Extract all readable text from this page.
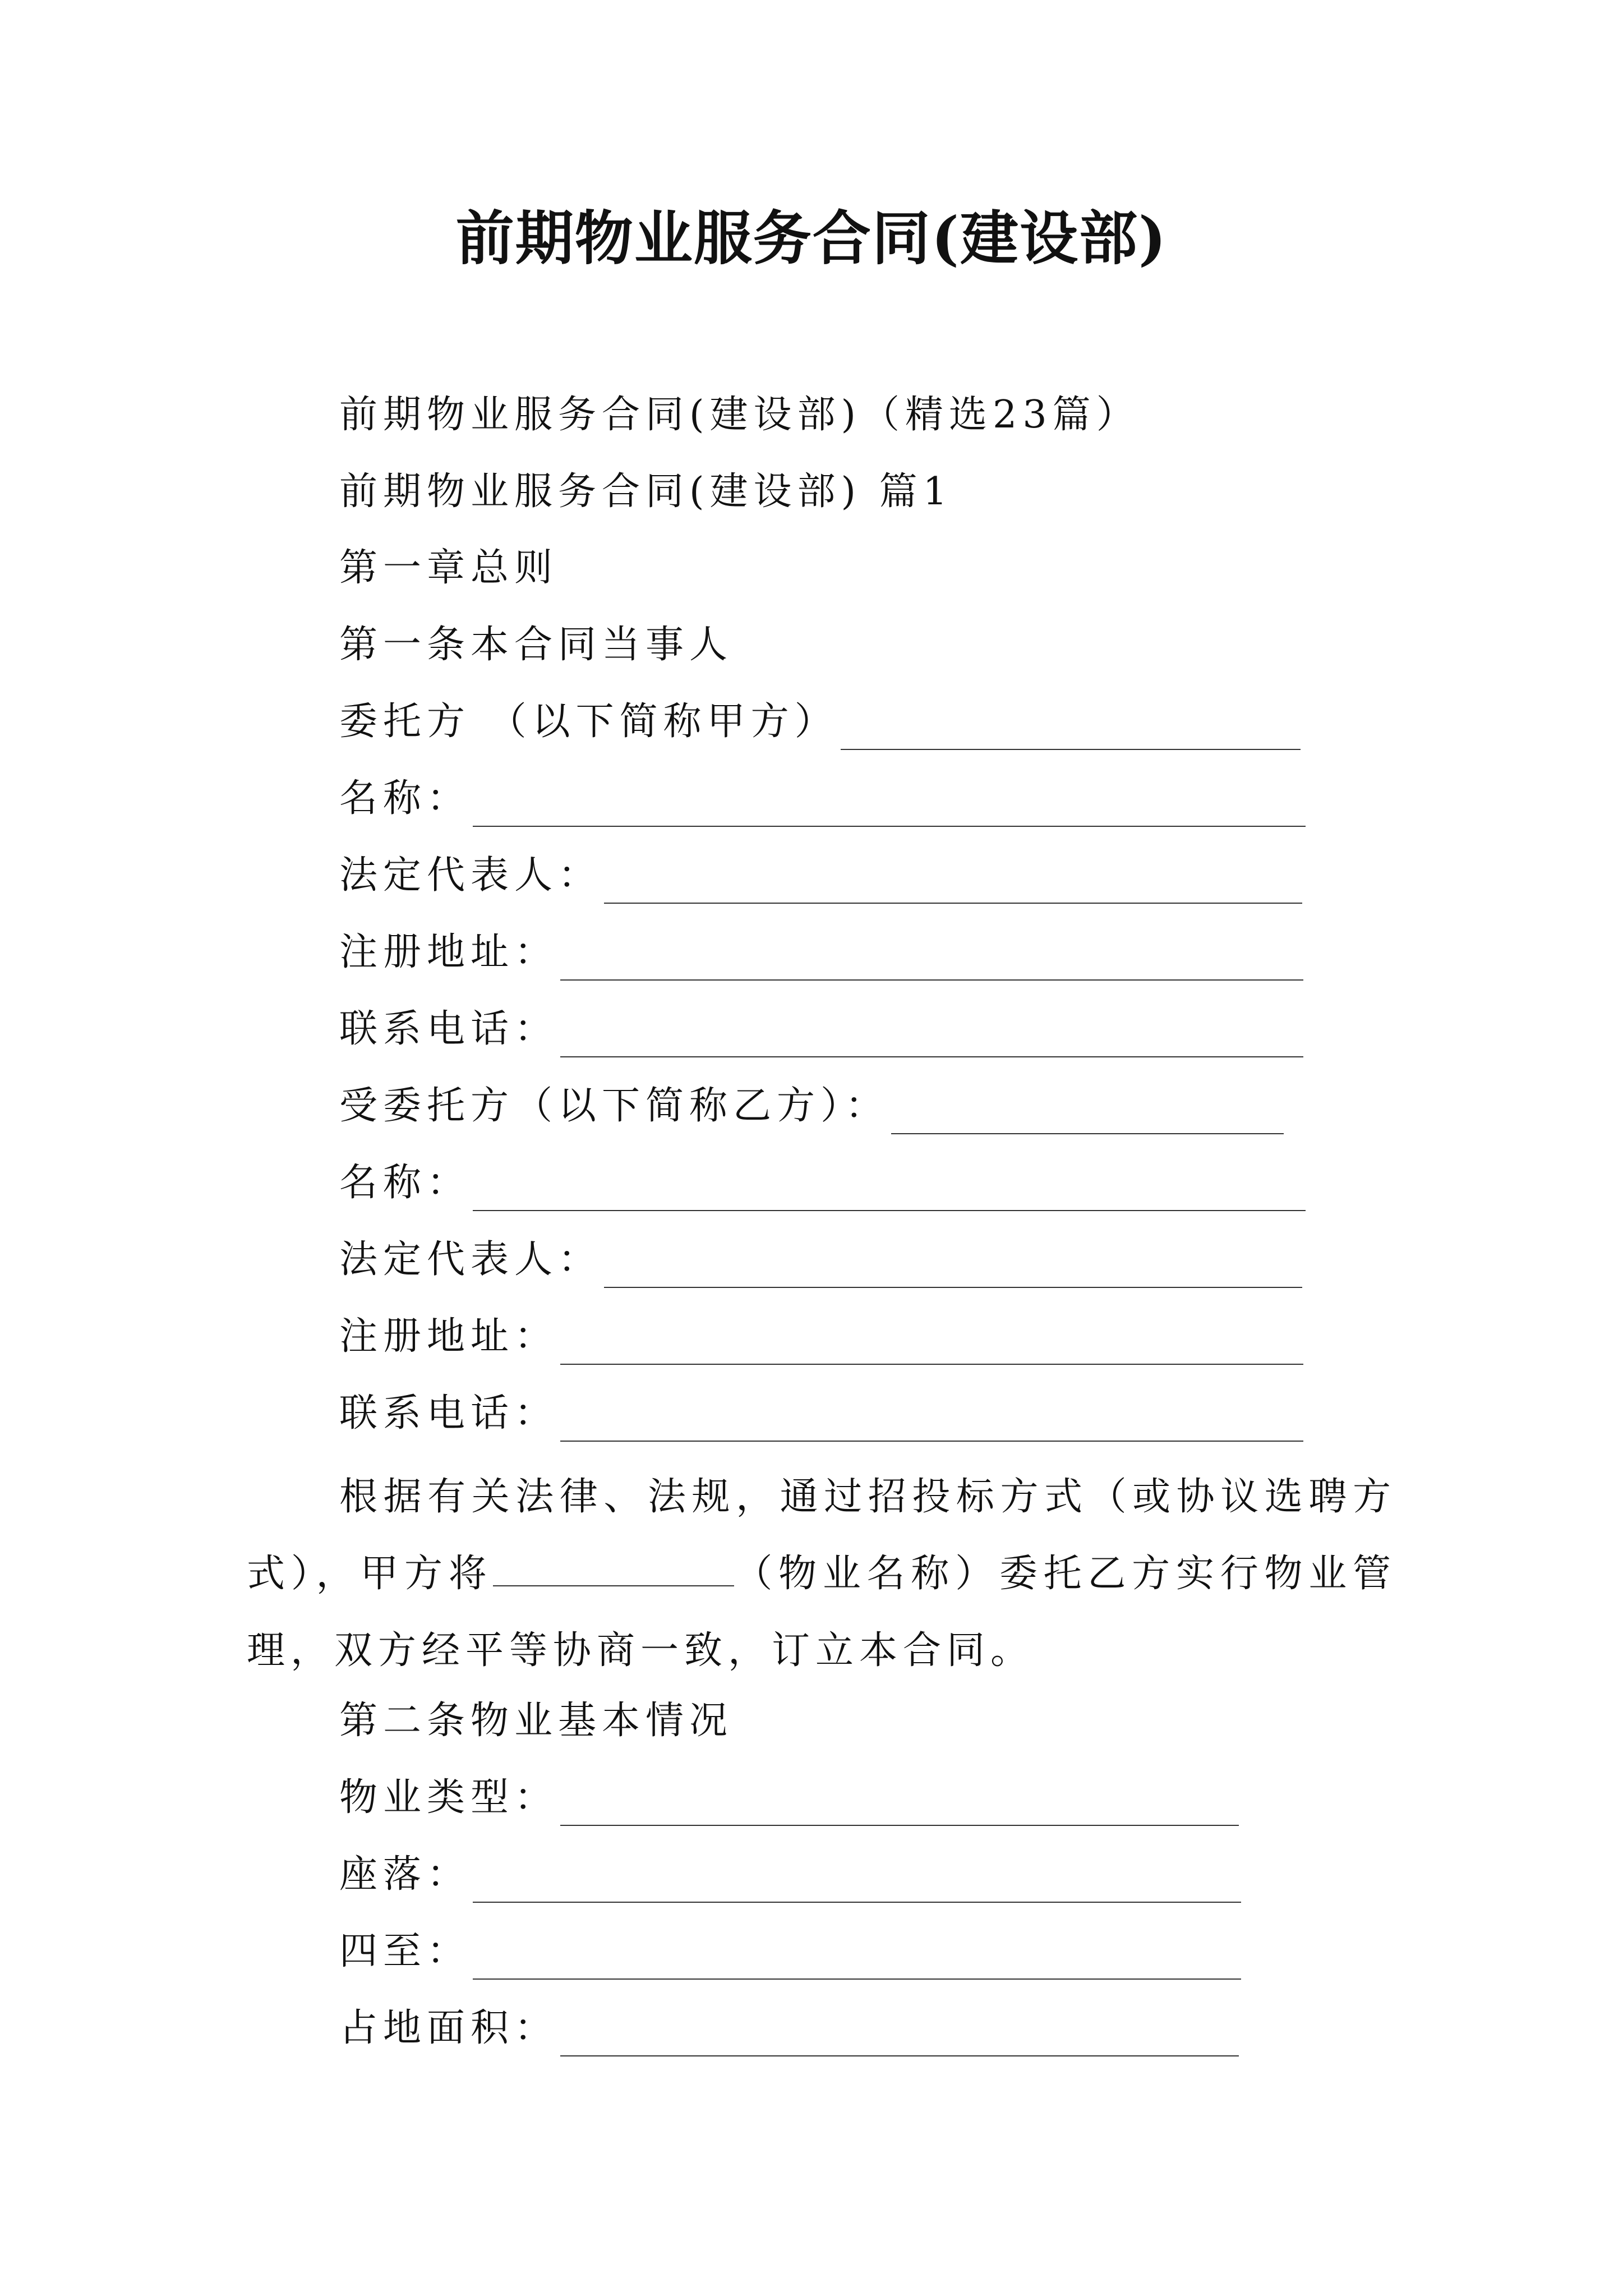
前期物业服务合同(建设部)
前期物业服务合同(建设部)（精选23篇）
前期物业服务合同(建设部) 篇1
第一章总则
第一条本合同当事人
委托方 （以下简称甲方）
名称：
法定代表人：
注册地址：
联系电话：
受委托方（以下简称乙方）：
名称：
法定代表人：
注册地址：
联系电话：
根据有关法律、法规，通过招投标方式（或协议选聘方式），甲方将	（物业名称）委托乙方实行物业管理，双方经平等协商一致，订立本合同。
第二条物业基本情况
物业类型：
座落：
四至：
占地面积：
